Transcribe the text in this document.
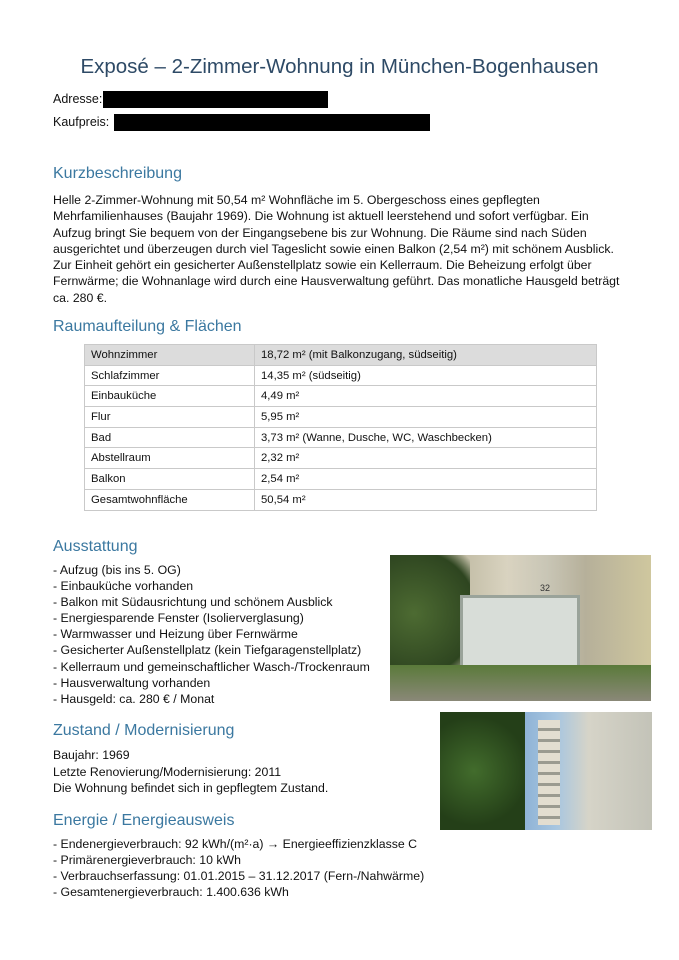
Exposé – 2-Zimmer-Wohnung in München-Bogenhausen
Adresse:
Kaufpreis:
Kurzbeschreibung
Helle 2-Zimmer-Wohnung mit 50,54 m² Wohnfläche im 5. Obergeschoss eines gepflegten Mehrfamilienhauses (Baujahr 1969). Die Wohnung ist aktuell leerstehend und sofort verfügbar. Ein Aufzug bringt Sie bequem von der Eingangsebene bis zur Wohnung. Die Räume sind nach Süden ausgerichtet und überzeugen durch viel Tageslicht sowie einen Balkon (2,54 m²) mit schönem Ausblick. Zur Einheit gehört ein gesicherter Außenstellplatz sowie ein Kellerraum. Die Beheizung erfolgt über Fernwärme; die Wohnanlage wird durch eine Hausverwaltung geführt. Das monatliche Hausgeld beträgt ca. 280 €.
Raumaufteilung & Flächen
Wohnzimmer	18,72 m² (mit Balkonzugang, südseitig)
Schlafzimmer	14,35 m² (südseitig)
Einbauküche	4,49 m²
Flur	5,95 m²
Bad	3,73 m² (Wanne, Dusche, WC, Waschbecken)
Abstellraum	2,32 m²
Balkon	2,54 m²
Gesamtwohnfläche	50,54 m²
Ausstattung
- Aufzug (bis ins 5. OG)
- Einbauküche vorhanden
- Balkon mit Südausrichtung und schönem Ausblick
- Energiesparende Fenster (Isolierverglasung)
- Warmwasser und Heizung über Fernwärme
- Gesicherter Außenstellplatz (kein Tiefgaragenstellplatz)
- Kellerraum und gemeinschaftlicher Wasch-/Trockenraum
- Hausverwaltung vorhanden
- Hausgeld: ca. 280 € / Monat
32
Zustand / Modernisierung
Baujahr: 1969
Letzte Renovierung/Modernisierung: 2011
Die Wohnung befindet sich in gepflegtem Zustand.
Energie / Energieausweis
- Endenergieverbrauch: 92 kWh/(m²·a) → Energieeffizienzklasse C
- Primärenergieverbrauch: 10 kWh
- Verbrauchserfassung: 01.01.2015 – 31.12.2017 (Fern-/Nahwärme)
- Gesamtenergieverbrauch: 1.400.636 kWh
